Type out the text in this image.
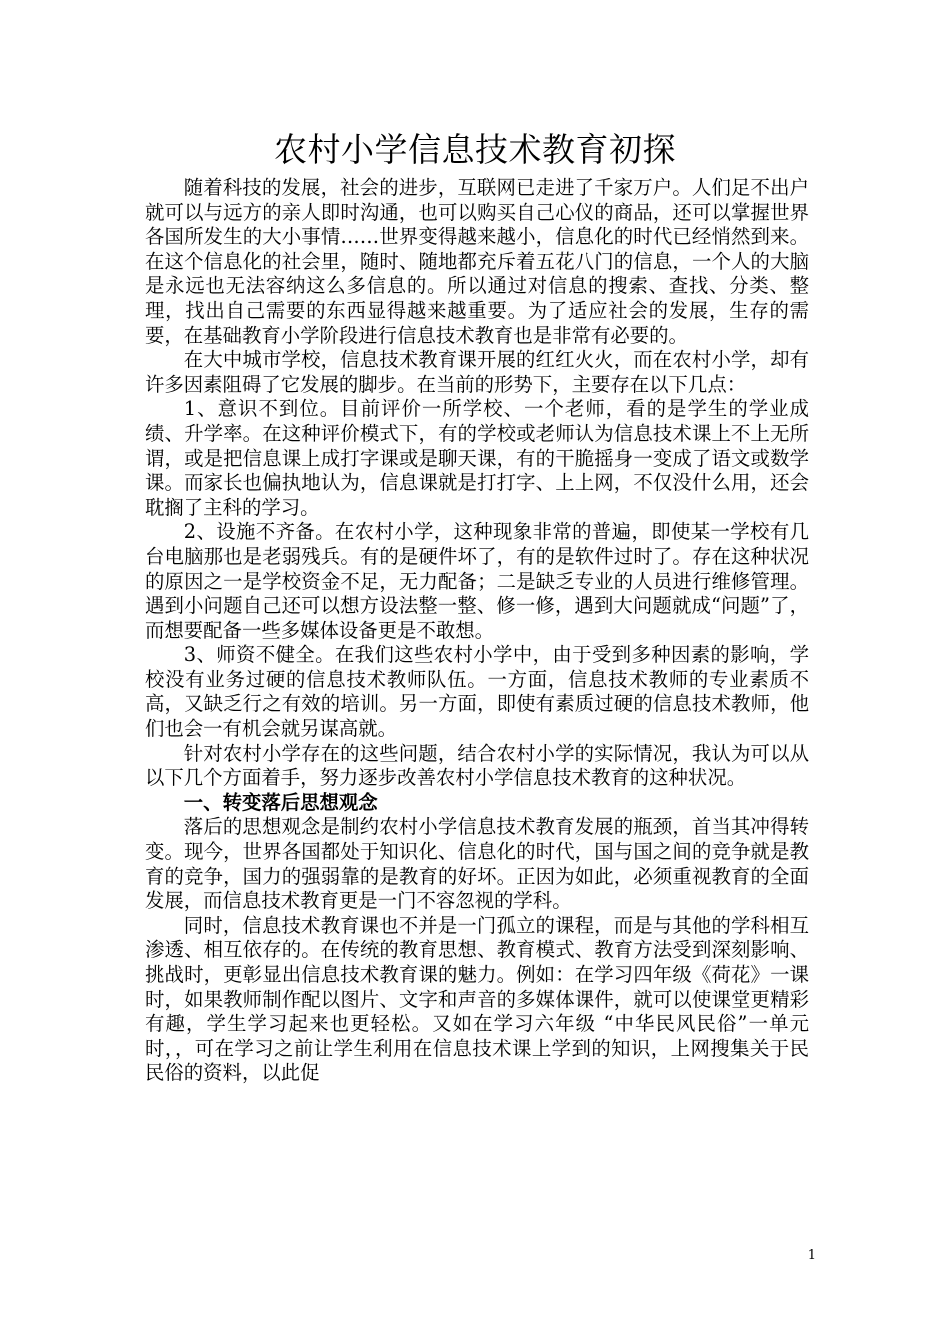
农村小学信息技术教育初探

随着科技的发展，社会的进步，互联网已走进了千家万户。人们足不出户就可以与远方的亲人即时沟通，也可以购买自己心仪的商品，还可以掌握世界各国所发生的大小事情……世界变得越来越小，信息化的时代已经悄然到来。在这个信息化的社会里，随时、随地都充斥着五花八门的信息，一个人的大脑是永远也无法容纳这么多信息的。所以通过对信息的搜索、查找、分类、整理，找出自己需要的东西显得越来越重要。为了适应社会的发展，生存的需要，在基础教育小学阶段进行信息技术教育也是非常有必要的。

在大中城市学校，信息技术教育课开展的红红火火，而在农村小学，却有许多因素阻碍了它发展的脚步。在当前的形势下，主要存在以下几点：

1、意识不到位。目前评价一所学校、一个老师，看的是学生的学业成绩、升学率。在这种评价模式下，有的学校或老师认为信息技术课上不上无所谓，或是把信息课上成打字课或是聊天课，有的干脆摇身一变成了语文或数学课。而家长也偏执地认为，信息课就是打打字、上上网，不仅没什么用，还会耽搁了主科的学习。

2、设施不齐备。在农村小学，这种现象非常的普遍，即使某一学校有几台电脑那也是老弱残兵。有的是硬件坏了，有的是软件过时了。存在这种状况的原因之一是学校资金不足，无力配备；二是缺乏专业的人员进行维修管理。遇到小问题自己还可以想方设法整一整、修一修，遇到大问题就成“问题”了，而想要配备一些多媒体设备更是不敢想。

3、师资不健全。在我们这些农村小学中，由于受到多种因素的影响，学校没有业务过硬的信息技术教师队伍。一方面，信息技术教师的专业素质不高，又缺乏行之有效的培训。另一方面，即使有素质过硬的信息技术教师，他们也会一有机会就另谋高就。

针对农村小学存在的这些问题，结合农村小学的实际情况，我认为可以从以下几个方面着手，努力逐步改善农村小学信息技术教育的这种状况。

一、转变落后思想观念

落后的思想观念是制约农村小学信息技术教育发展的瓶颈，首当其冲得转变。现今，世界各国都处于知识化、信息化的时代，国与国之间的竞争就是教育的竞争，国力的强弱靠的是教育的好坏。正因为如此，必须重视教育的全面发展，而信息技术教育更是一门不容忽视的学科。

同时，信息技术教育课也不并是一门孤立的课程，而是与其他的学科相互渗透、相互依存的。在传统的教育思想、教育模式、教育方法受到深刻影响、挑战时，更彰显出信息技术教育课的魅力。例如：在学习四年级《荷花》一课时，如果教师制作配以图片、文字和声音的多媒体课件，就可以使课堂更精彩有趣，学生学习起来也更轻松。又如在学习六年级 “中华民风民俗”一单元时，，可在学习之前让学生利用在信息技术课上学到的知识，上网搜集关于民民俗的资料，以此促

1
